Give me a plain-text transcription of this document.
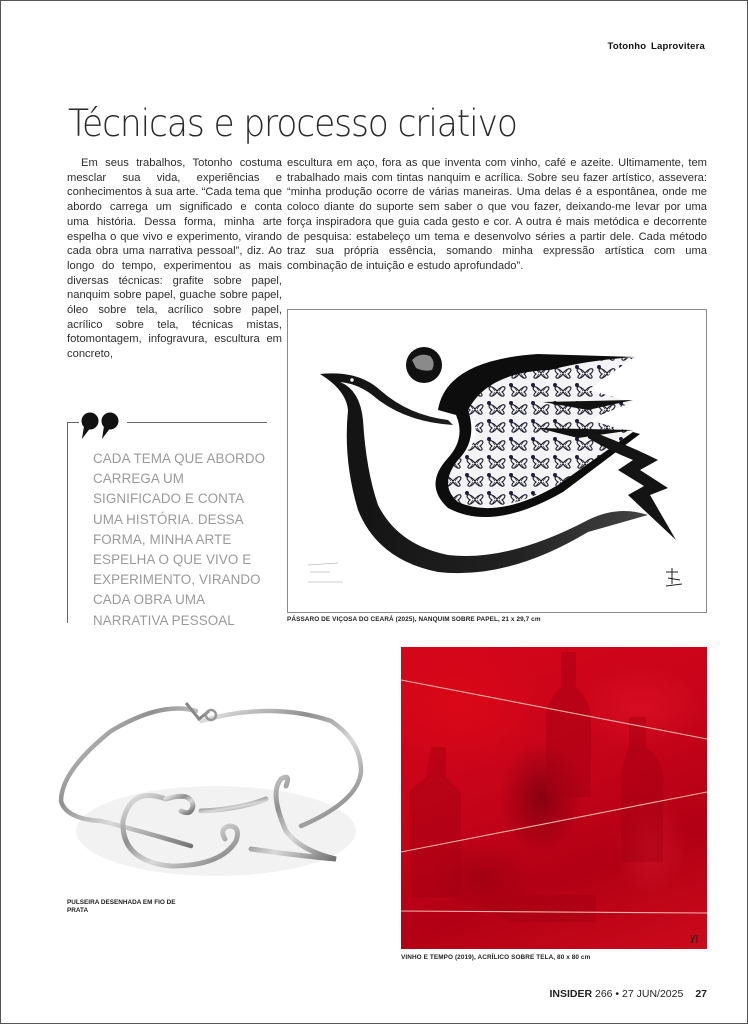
Totonho Laprovitera
Técnicas e processo criativo

Em seus trabalhos, Totonho costuma mesclar sua vida, experiências e conhecimentos à sua arte. “Cada tema que abordo carrega um significado e conta uma história. Dessa forma, minha arte espelha o que vivo e experimento, virando cada obra uma narrativa pessoal”, diz. Ao longo do tempo, experimentou as mais diversas técnicas: grafite sobre papel, nanquim sobre papel, guache sobre papel, óleo sobre tela, acrílico sobre papel, acrílico sobre tela, técnicas mistas, fotomontagem, infogravura, escultura em concreto,

escultura em aço, fora as que inventa com vinho, café e azeite. Ultimamente, tem trabalhado mais com tintas nanquim e acrílica. Sobre seu fazer artístico, assevera: “minha produção ocorre de várias maneiras. Uma delas é a espontânea, onde me coloco diante do suporte sem saber o que vou fazer, deixando-me levar por uma força inspiradora que guia cada gesto e cor. A outra é mais metódica e decorrente de pesquisa: estabeleço um tema e desenvolvo séries a partir dele. Cada método traz sua própria essência, somando minha expressão artística com uma combinação de intuição e estudo aprofundado”.

CADA TEMA QUE ABORDO CARREGA UM SIGNIFICADO E CONTA UMA HISTÓRIA. DESSA FORMA, MINHA ARTE ESPELHA O QUE VIVO E EXPERIMENTO, VIRANDO CADA OBRA UMA NARRATIVA PESSOAL	PÁSSARO DE VIÇOSA DO CEARÁ (2025), NANQUIM SOBRE PAPEL, 21 x 29,7 cm
PULSEIRA DESENHADA EM FIO DE PRATA
VINHO E TEMPO (2019), ACRÍLICO SOBRE TELA, 80 x 80 cm
INSIDER 266 • 27 JUN/2025 27
